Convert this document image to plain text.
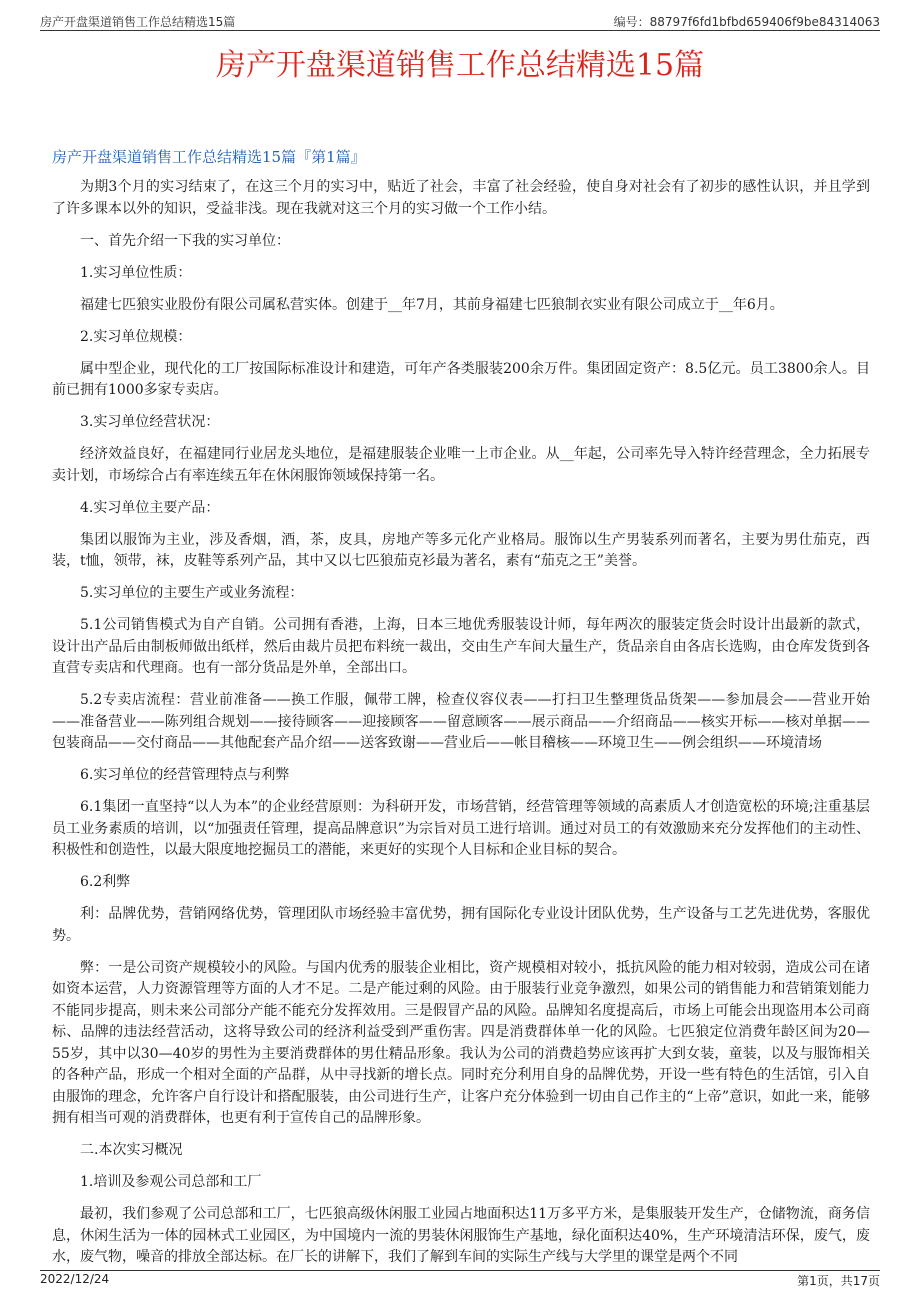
房产开盘渠道销售工作总结精选15篇	编号：88797f6fd1bfbd659406f9be84314063
房产开盘渠道销售工作总结精选15篇
房产开盘渠道销售工作总结精选15篇『第1篇』

为期3个月的实习结束了，在这三个月的实习中，贴近了社会，丰富了社会经验，使自身对社会有了初步的感性认识，并且学到了许多课本以外的知识，受益非浅。现在我就对这三个月的实习做一个工作小结。

一、首先介绍一下我的实习单位：

1.实习单位性质：

福建七匹狼实业股份有限公司属私营实体。创建于__年7月，其前身福建七匹狼制衣实业有限公司成立于__年6月。

2.实习单位规模：

属中型企业，现代化的工厂按国际标准设计和建造，可年产各类服装200余万件。集团固定资产：8.5亿元。员工3800余人。目前已拥有1000多家专卖店。

3.实习单位经营状况：

经济效益良好，在福建同行业居龙头地位，是福建服装企业唯一上市企业。从__年起，公司率先导入特许经营理念，全力拓展专卖计划，市场综合占有率连续五年在休闲服饰领域保持第一名。

4.实习单位主要产品：

集团以服饰为主业，涉及香烟，酒，茶，皮具，房地产等多元化产业格局。服饰以生产男装系列而著名，主要为男仕茄克，西装，t恤，领带，袜，皮鞋等系列产品，其中又以七匹狼茄克衫最为著名，素有“茄克之王”美誉。

5.实习单位的主要生产或业务流程：

5.1公司销售模式为自产自销。公司拥有香港，上海，日本三地优秀服装设计师，每年两次的服装定货会时设计出最新的款式，设计出产品后由制板师做出纸样，然后由裁片员把布料统一裁出，交由生产车间大量生产，货品亲自由各店长选购，由仓库发货到各直营专卖店和代理商。也有一部分货品是外单，全部出口。

5.2专卖店流程：营业前准备——换工作服，佩带工牌，检查仪容仪表——打扫卫生整理货品货架——参加晨会——营业开始——准备营业——陈列组合规划——接待顾客——迎接顾客——留意顾客——展示商品——介绍商品——核实开标——核对单据——包装商品——交付商品——其他配套产品介绍——送客致谢——营业后——帐目稽核——环境卫生——例会组织——环境清场

6.实习单位的经营管理特点与利弊

6.1集团一直坚持“以人为本”的企业经营原则：为科研开发，市场营销，经营管理等领域的高素质人才创造宽松的环境;注重基层员工业务素质的培训，以“加强责任管理，提高品牌意识”为宗旨对员工进行培训。通过对员工的有效激励来充分发挥他们的主动性、积极性和创造性，以最大限度地挖掘员工的潜能，来更好的实现个人目标和企业目标的契合。

6.2利弊

利：品牌优势，营销网络优势，管理团队市场经验丰富优势，拥有国际化专业设计团队优势，生产设备与工艺先进优势，客服优势。

弊：一是公司资产规模较小的风险。与国内优秀的服装企业相比，资产规模相对较小，抵抗风险的能力相对较弱，造成公司在诸如资本运营，人力资源管理等方面的人才不足。二是产能过剩的风险。由于服装行业竞争激烈，如果公司的销售能力和营销策划能力不能同步提高，则未来公司部分产能不能充分发挥效用。三是假冒产品的风险。品牌知名度提高后，市场上可能会出现盗用本公司商标、品牌的违法经营活动，这将导致公司的经济利益受到严重伤害。四是消费群体单一化的风险。七匹狼定位消费年龄区间为20—55岁，其中以30—40岁的男性为主要消费群体的男仕精品形象。我认为公司的消费趋势应该再扩大到女装，童装，以及与服饰相关的各种产品，形成一个相对全面的产品群，从中寻找新的增长点。同时充分利用自身的品牌优势，开设一些有特色的生活馆，引入自由服饰的理念，允许客户自行设计和搭配服装，由公司进行生产，让客户充分体验到一切由自己作主的“上帝”意识，如此一来，能够拥有相当可观的消费群体，也更有利于宣传自己的品牌形象。

二.本次实习概况

1.培训及参观公司总部和工厂

最初，我们参观了公司总部和工厂，七匹狼高级休闲服工业园占地面积达11万多平方米，是集服装开发生产，仓储物流，商务信息，休闲生活为一体的园林式工业园区，为中国境内一流的男装休闲服饰生产基地，绿化面积达40%，生产环境清洁环保，废气，废水，废气物，噪音的排放全部达标。在厂长的讲解下，我们了解到车间的实际生产线与大学里的课堂是两个不同

2022/12/24	第1页，共17页
